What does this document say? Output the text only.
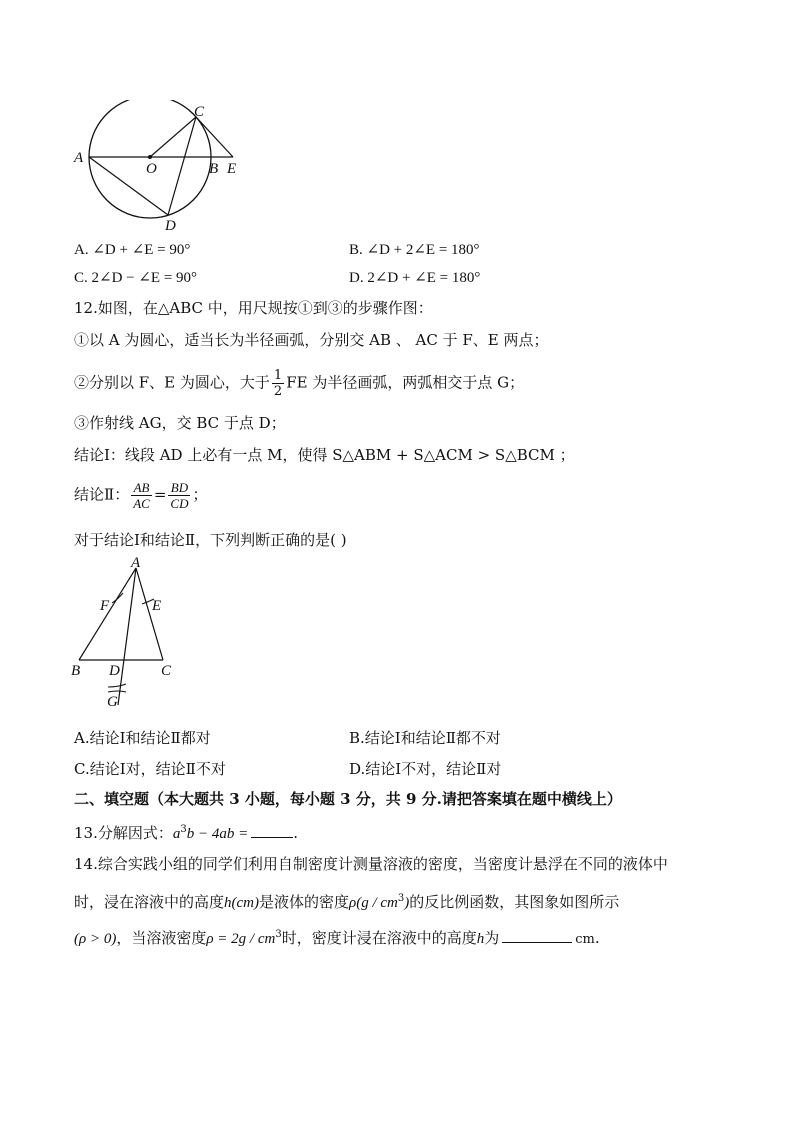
A
O	B E
C
D
A. ∠D + ∠E = 90°	B. ∠D + 2∠E = 180°
C. 2∠D − ∠E = 90°	D. 2∠D + ∠E = 180°
12.如图，在△ABC 中，用尺规按①到③的步骤作图：
①以 A 为圆心，适当长为半径画弧，分别交 AB 、 AC 于 F、E 两点；
②分别以 F、E 为圆心，大于 $\frac{1}{2}$ FE 为半径画弧，两弧相交于点 G；
③作射线 AG，交 BC 于点 D；
结论Ⅰ：线段 AD 上必有一点 M，使得 S△ABM + S△ACM > S△BCM ；
结论Ⅱ： $\frac{AB}{AC} = \frac{BD}{CD}$ ；
对于结论Ⅰ和结论Ⅱ，下列判断正确的是( )
A
F	E
B D	C
G
A.结论Ⅰ和结论Ⅱ都对	B.结论Ⅰ和结论Ⅱ都不对
C.结论Ⅰ对，结论Ⅱ不对	D.结论Ⅰ不对，结论Ⅱ对
二、填空题（本大题共 3 小题，每小题 3 分，共 9 分.请把答案填在题中横线上）
13.分解因式：$a^3b - 4ab$ =	.
14.综合实践小组的同学们利用自制密度计测量溶液的密度，当密度计悬浮在不同的液体中
时，浸在溶液中的高度h(cm)是液体的密度$\rho(g / cm^3)$的反比例函数，其图象如图所示
(ρ > 0)，当溶液密度$\rho = 2g / cm^3$时，密度计浸在溶液中的高度h为	cm.
